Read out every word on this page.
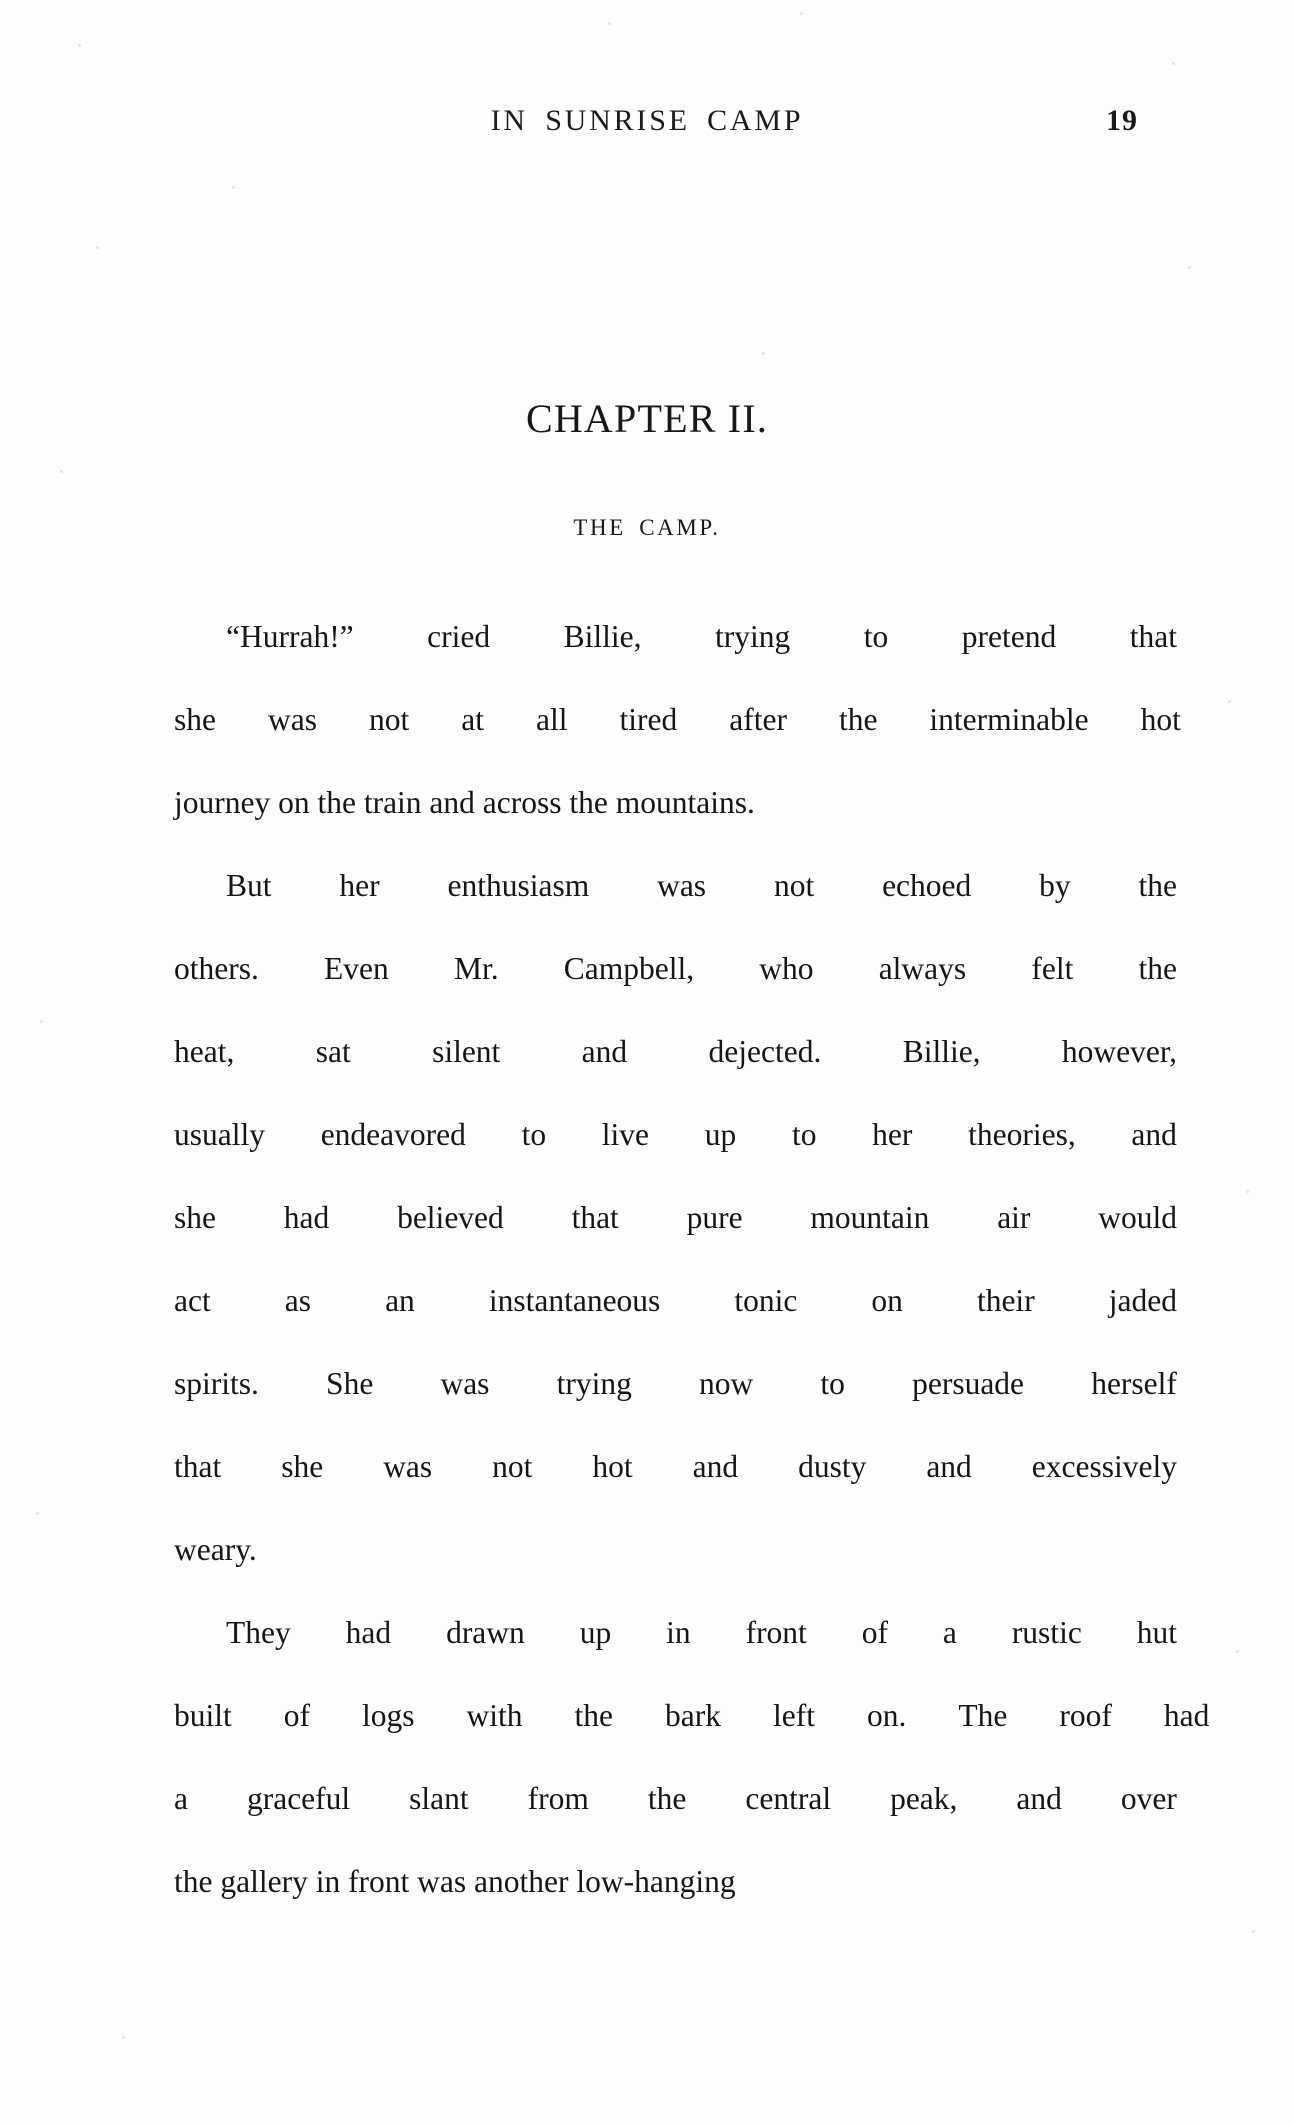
IN SUNRISE CAMP	19
CHAPTER II.
THE CAMP.

“Hurrah!”	cried	Billie,	trying	to	pretend	that
she	was	not	at	all	tired	after	the	interminable	hot
journey on the train and across the mountains.

But	her	enthusiasm	was	not	echoed	by	the
others.	Even	Mr.	Campbell,	who	always	felt	the
heat,	sat	silent	and	dejected.	Billie,	however,
usually	endeavored	to	live	up	to	her	theories,	and
she	had	believed	that	pure	mountain	air	would
act	as	an	instantaneous	tonic	on	their	jaded
spirits.	She	was	trying	now	to	persuade	herself
that	she	was	not	hot	and	dusty	and	excessively
weary.

They	had	drawn	up	in	front	of	a	rustic	hut
built	of	logs	with	the	bark	left	on.	The	roof	had
a	graceful	slant	from	the	central	peak,	and	over
the gallery in front was another low-hanging
